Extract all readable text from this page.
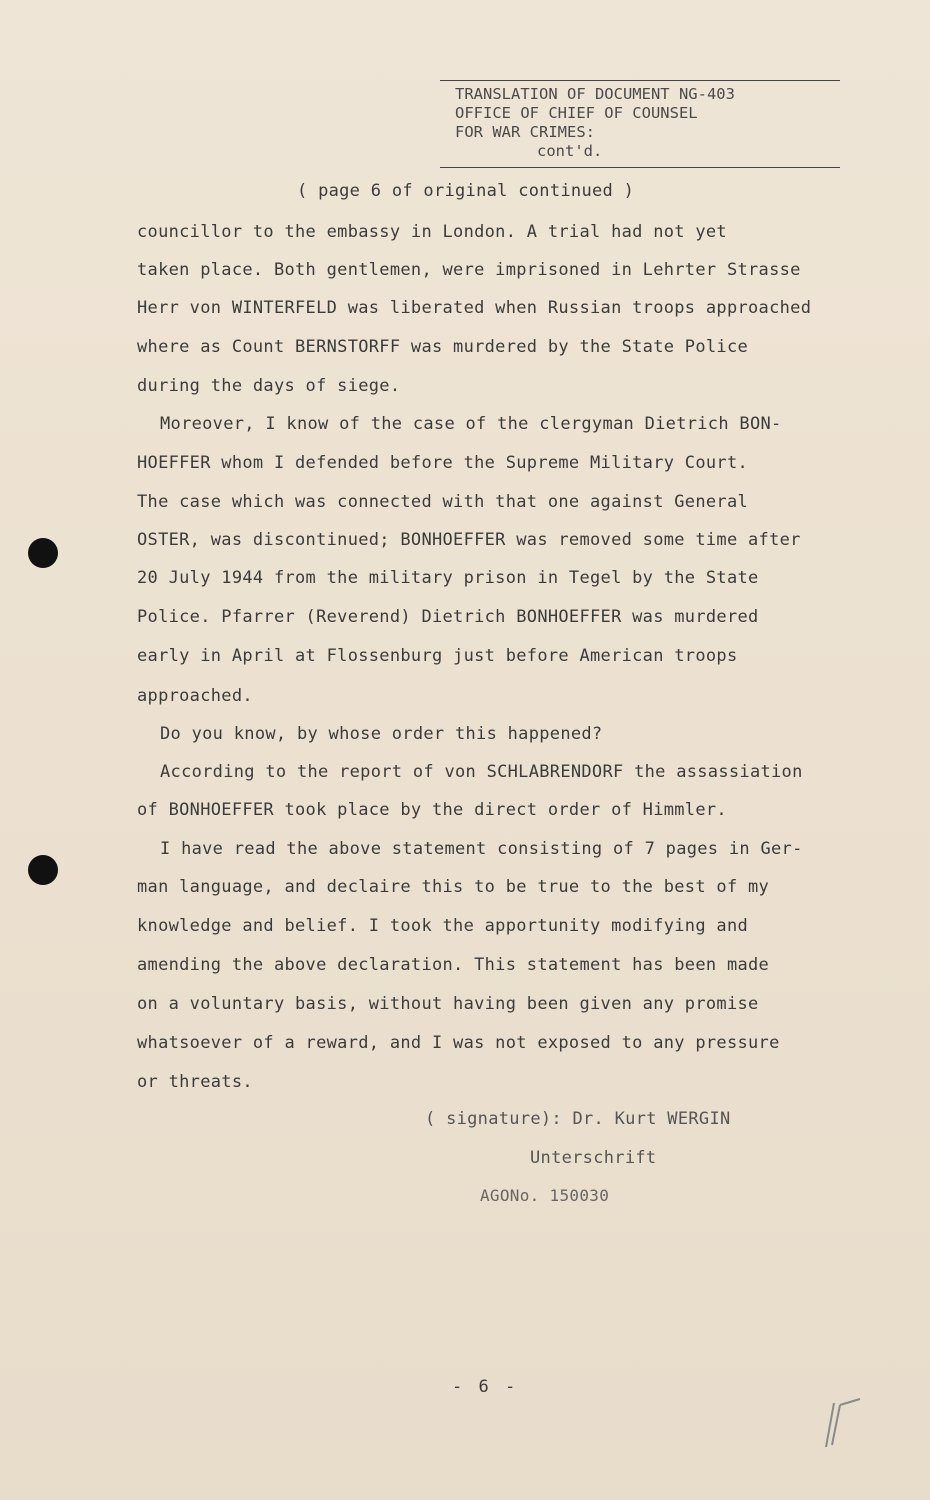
TRANSLATION OF DOCUMENT NG-403
OFFICE OF CHIEF OF COUNSEL
FOR WAR CRIMES:
cont'd.
( page 6 of original continued )
councillor to the embassy in London. A trial had not yet
taken place. Both gentlemen, were imprisoned in Lehrter Strasse
Herr von WINTERFELD was liberated when Russian troops approached
where as Count BERNSTORFF was murdered by the State Police
during the days of siege.
Moreover, I know of the case of the clergyman Dietrich BON-
HOEFFER whom I defended before the Supreme Military Court.
The case which was connected with that one against General
OSTER, was discontinued; BONHOEFFER was removed some time after
20 July 1944 from the military prison in Tegel by the State
Police. Pfarrer (Reverend) Dietrich BONHOEFFER was murdered
early in April at Flossenburg just before American troops
approached.
Do you know, by whose order this happened?
According to the report of von SCHLABRENDORF the assassiation
of BONHOEFFER took place by the direct order of Himmler.
I have read the above statement consisting of 7 pages in Ger-
man language, and declaire this to be true to the best of my
knowledge and belief. I took the apportunity modifying and
amending the above declaration. This statement has been made
on a voluntary basis, without having been given any promise
whatsoever of a reward, and I was not exposed to any pressure
or threats.
( signature): Dr. Kurt WERGIN
Unterschrift
AGONo. 150030
- 6 -
